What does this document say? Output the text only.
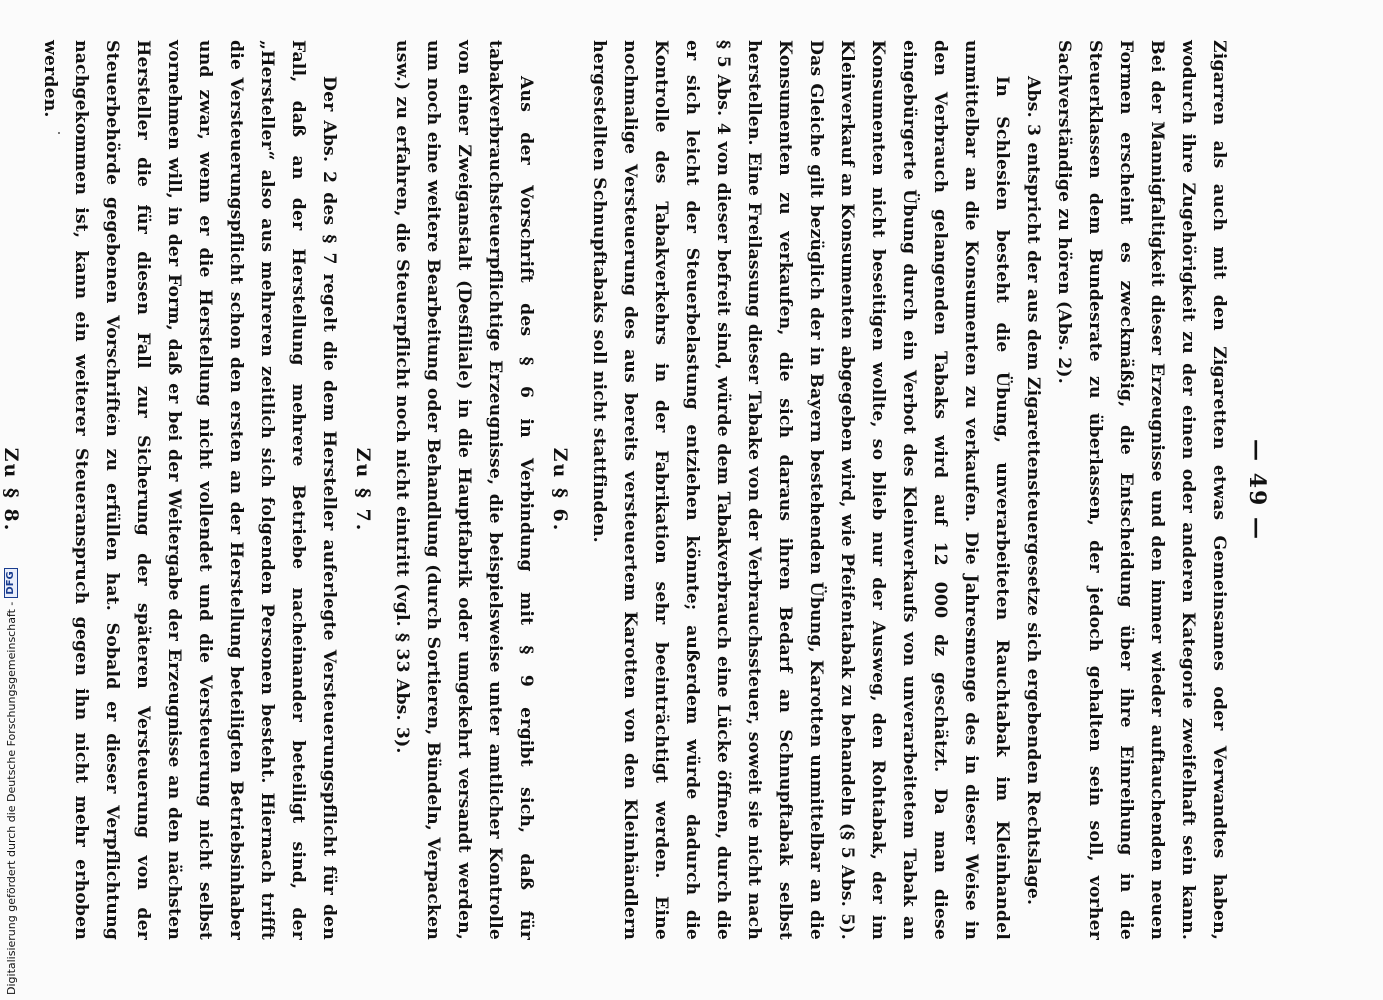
— 49 —

Zigarren als auch mit den Zigaretten etwas Gemeinsames oder Verwandtes haben, wodurch ihre Zugehörigkeit zu der einen oder anderen Kategorie zweifelhaft sein kann. Bei der Mannigfaltigkeit dieser Erzeugnisse und den immer wieder auftauchenden neuen Formen erscheint es zweckmäßig, die Entscheidung über ihre Einreihung in die Steuerklassen dem Bundesrate zu überlassen, der jedoch gehalten sein soll, vorher Sachverständige zu hören (Abs. 2).

Abs. 3 entspricht der aus dem Zigarettensteuergesetze sich ergebenden Rechtslage.

In Schlesien besteht die Übung, unverarbeiteten Rauchtabak im Kleinhandel unmittelbar an die Konsumenten zu verkaufen. Die Jahresmenge des in dieser Weise in den Verbrauch gelangenden Tabaks wird auf 12 000 dz geschätzt. Da man diese eingebürgerte Übung durch ein Verbot des Kleinverkaufs von unverarbeitetem Tabak an Konsumenten nicht beseitigen wollte, so blieb nur der Ausweg, den Rohtabak, der im Kleinverkauf an Konsumenten abgegeben wird, wie Pfeifentabak zu behandeln (§ 5 Abs. 5). Das Gleiche gilt bezüglich der in Bayern bestehenden Übung, Karotten unmittelbar an die Konsumenten zu verkaufen, die sich daraus ihren Bedarf an Schnupftabak selbst herstellen. Eine Freilassung dieser Tabake von der Verbrauchssteuer, soweit sie nicht nach § 5 Abs. 4 von dieser befreit sind, würde dem Tabakverbrauch eine Lücke öffnen, durch die er sich leicht der Steuerbelastung entziehen könnte; außerdem würde dadurch die Kontrolle des Tabakverkehrs in der Fabrikation sehr beeinträchtigt werden. Eine nochmalige Versteuerung des aus bereits versteuertem Karotten von den Kleinhändlern hergestellten Schnupftabaks soll nicht stattfinden.

Zu § 6.

Aus der Vorschrift des § 6 in Verbindung mit § 9 ergibt sich, daß für tabakverbrauchsteuerpflichtige Erzeugnisse, die beispielsweise unter amtlicher Kontrolle von einer Zweiganstalt (Desfiliale) in die Hauptfabrik oder umgekehrt versandt werden, um noch eine weitere Bearbeitung oder Behandlung (durch Sortieren, Bündeln, Verpacken usw.) zu erfahren, die Steuerpflicht noch nicht eintritt (vgl. § 33 Abs. 3).

Zu § 7.

Der Abs. 2 des § 7 regelt die dem Hersteller auferlegte Versteuerungspflicht für den Fall, daß an der Herstellung mehrere Betriebe nacheinander beteiligt sind, der „Hersteller“ also aus mehreren zeitlich sich folgenden Personen besteht. Hiernach trifft die Versteuerungspflicht schon den ersten an der Herstellung beteiligten Betriebsinhaber und zwar, wenn er die Herstellung nicht vollendet und die Versteuerung nicht selbst vornehmen will, in der Form, daß er bei der Weitergabe der Erzeugnisse an den nächsten Hersteller die für diesen Fall zur Sicherung der späteren Versteuerung von der Steuerbehörde gegebenen Vorschriften zu erfüllen hat. Sobald er dieser Verpflichtung nachgekommen ist, kann ein weiterer Steueranspruch gegen ihn nicht mehr erhoben werden.

Zu § 8.

Digitalisierung gefördert durch die Deutsche Forschungsgemeinschaft -
DFG
